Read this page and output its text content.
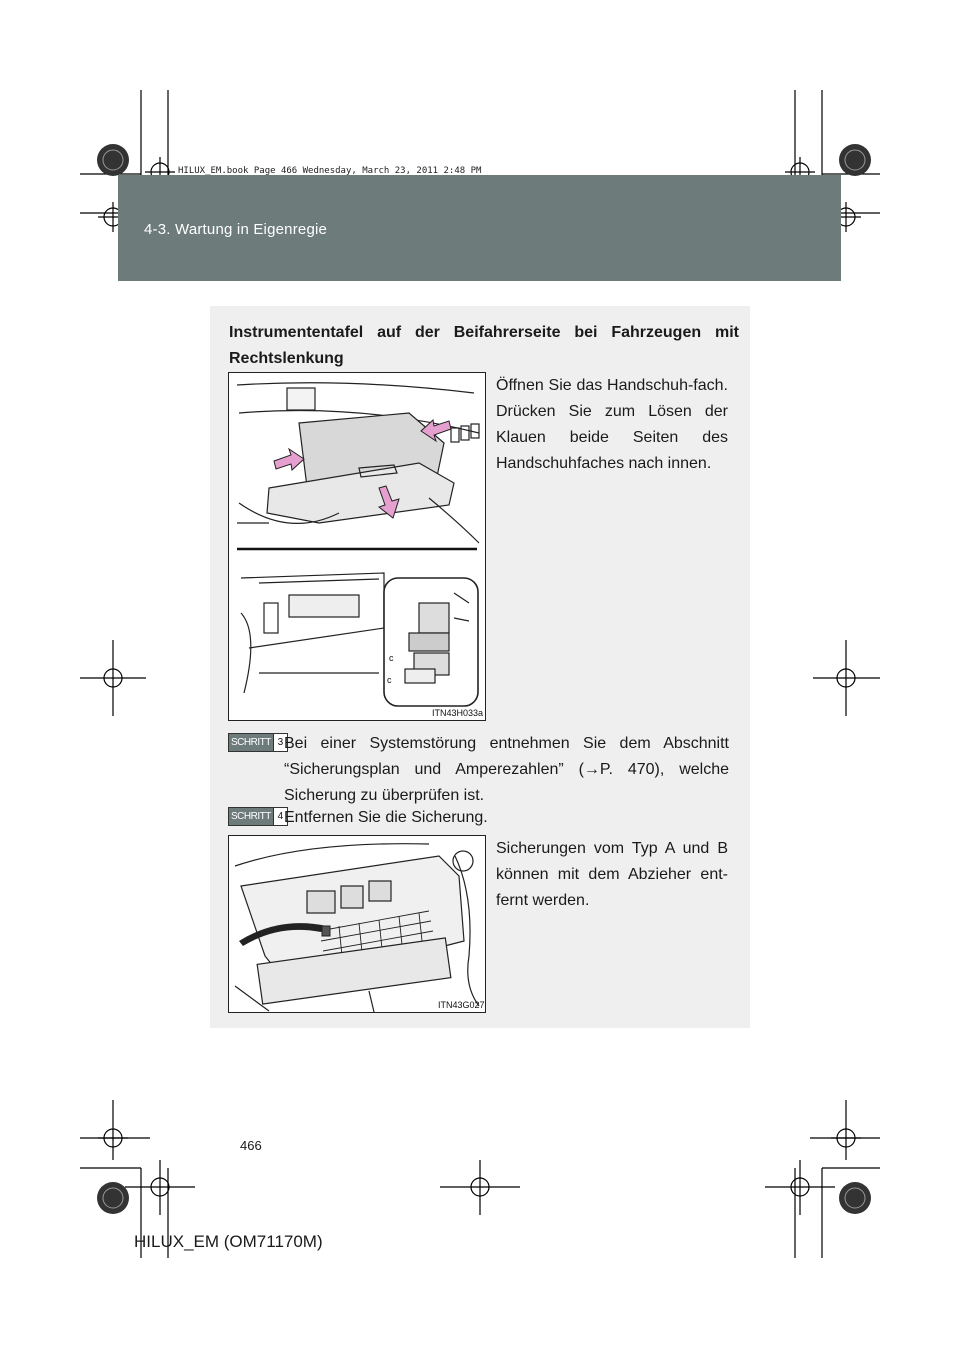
HILUX_EM.book Page 466 Wednesday, March 23, 2011 2:48 PM
4-3. Wartung in Eigenregie
Instrumententafel auf der Beifahrerseite bei Fahrzeugen mit Rechtslenkung
c
c
ITN43H033a
Öffnen Sie das Handschuh-fach. Drücken Sie zum Lösen der Klauen beide Seiten des Handschuhfaches nach innen.
SCHRITT 3 Bei einer Systemstörung entnehmen Sie dem Abschnitt “Sicherungsplan und Amperezahlen” (→P. 470), welche Sicherung zu überprüfen ist.
SCHRITT 4 Entfernen Sie die Sicherung.
ITN43G027
Sicherungen vom Typ A und B können mit dem Abzieher ent-fernt werden.
466
HILUX_EM (OM71170M)
